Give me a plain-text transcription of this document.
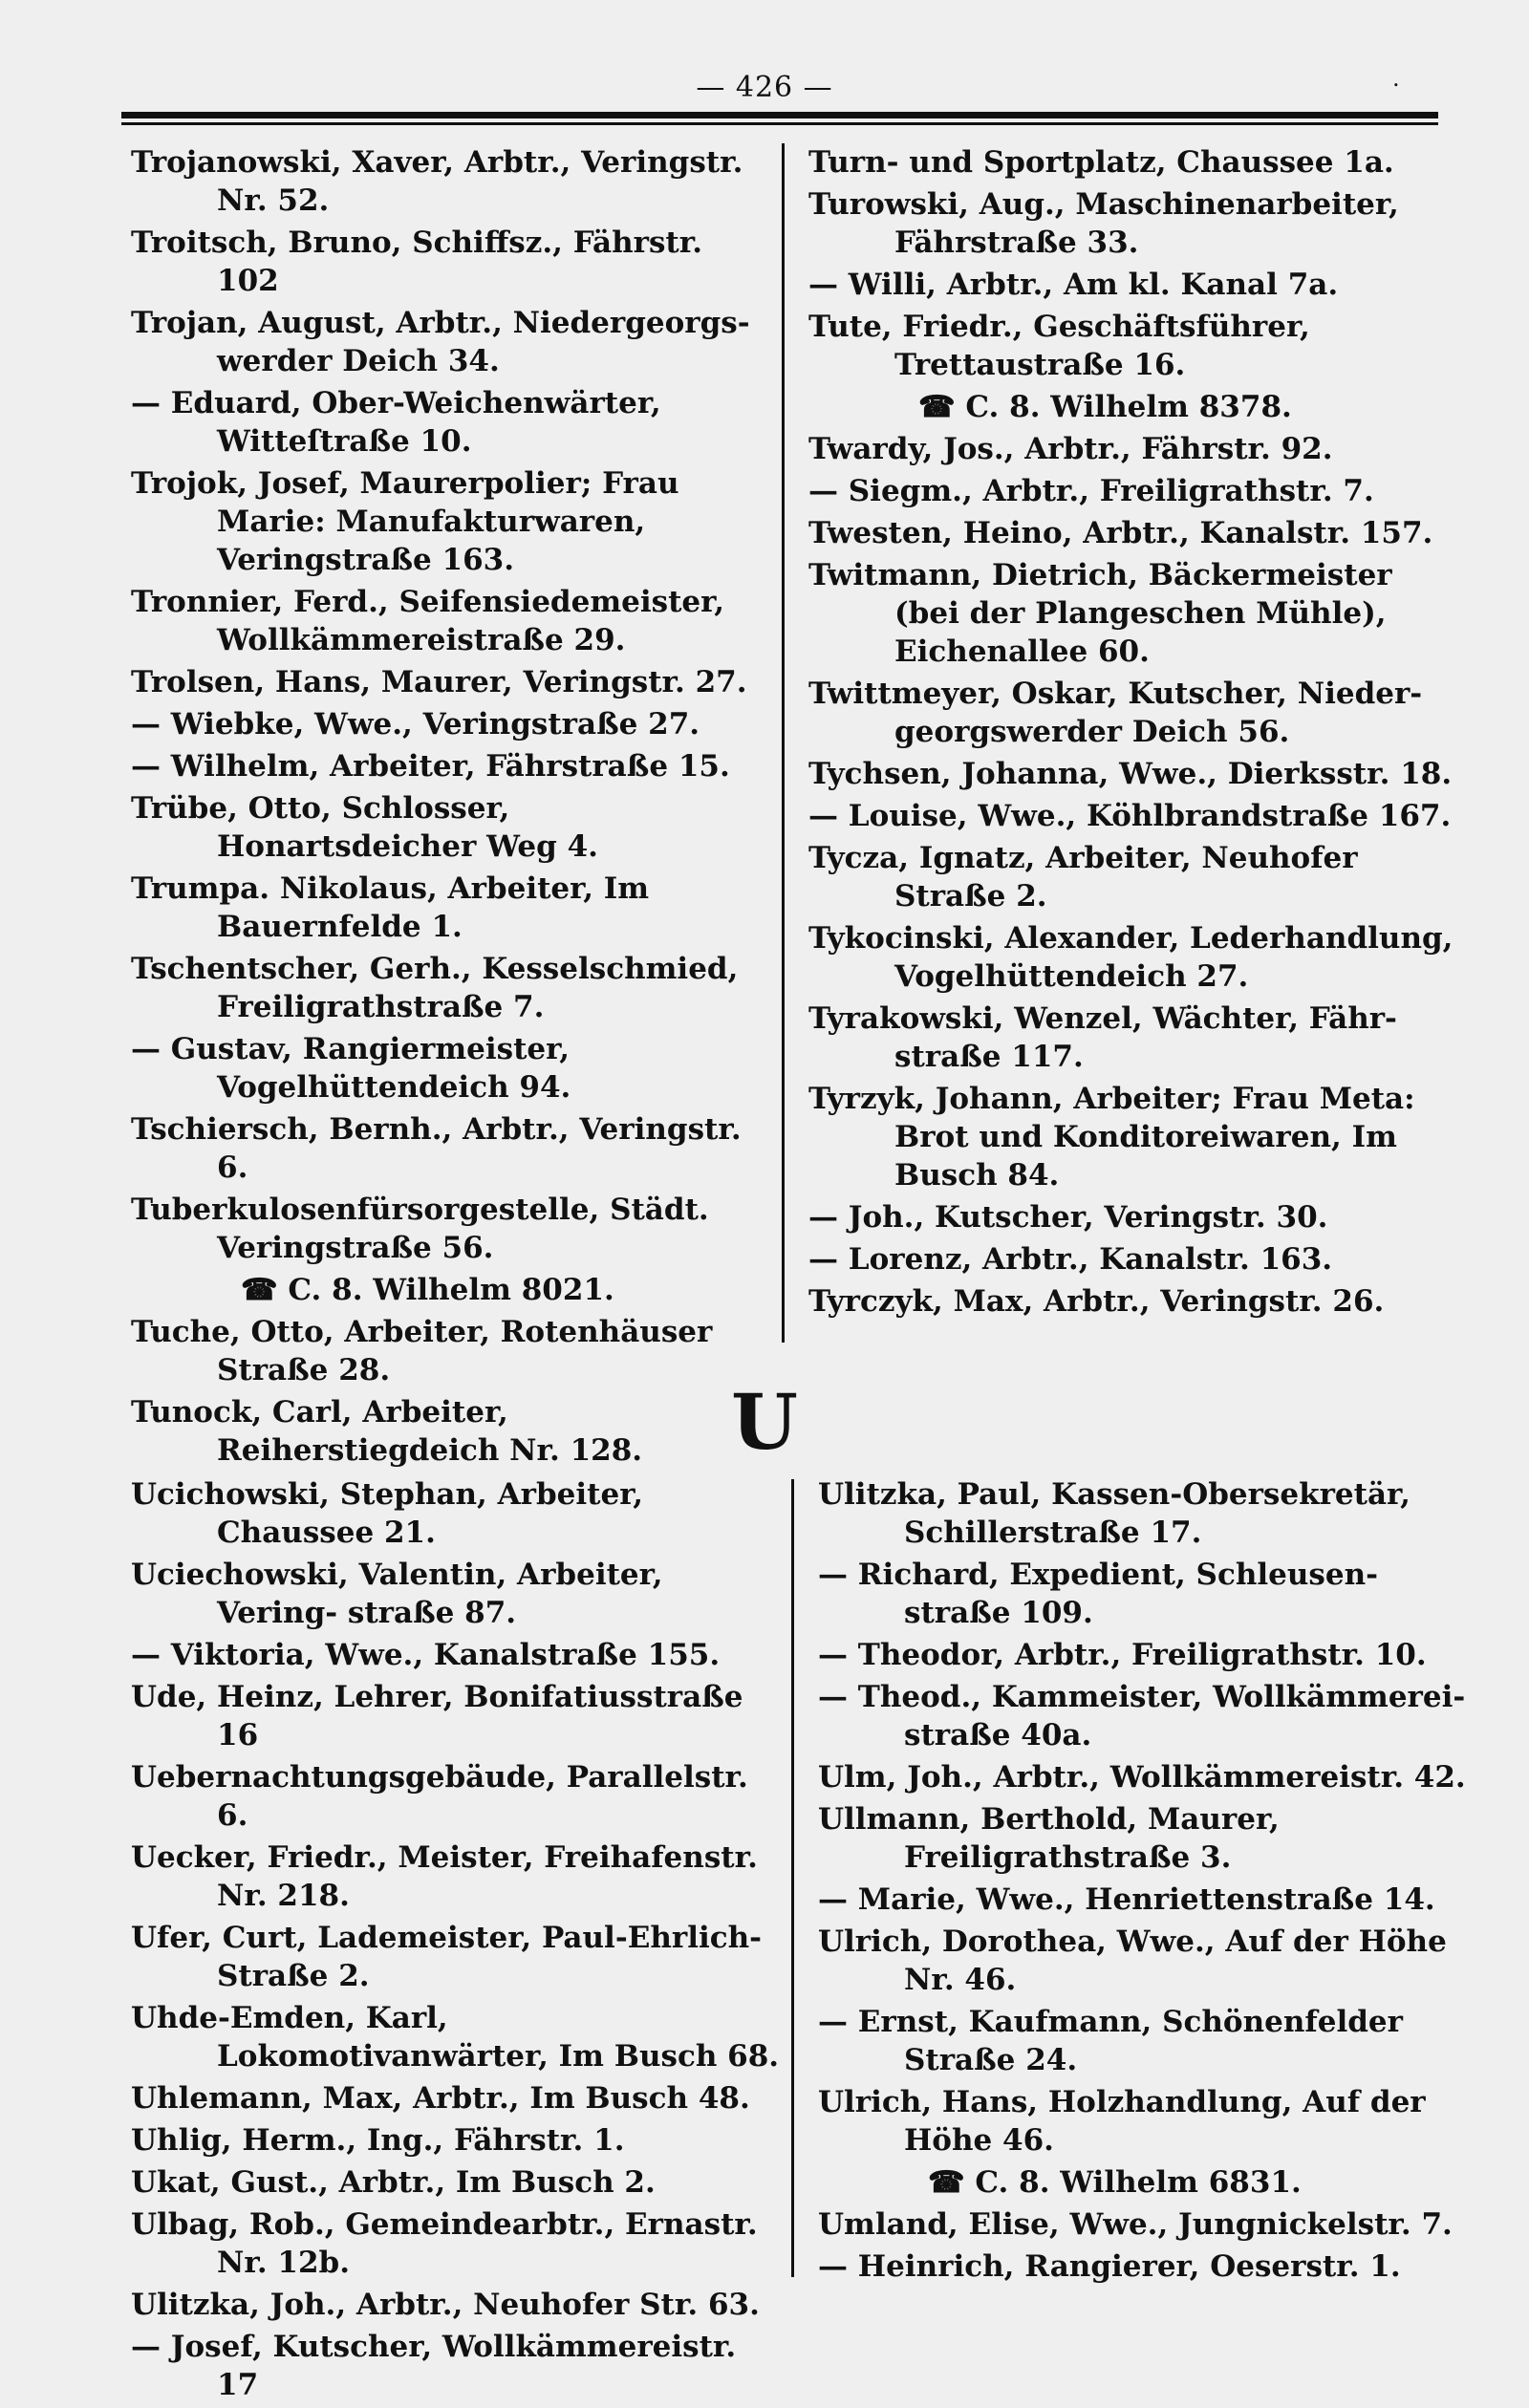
— 426 —	.
Trojanowski, Xaver, Arbtr., Veringstr. Nr. 52.
Troitsch, Bruno, Schiffsz., Fährstr. 102
Trojan, August, Arbtr., Niedergeorgs- werder Deich 34.
— Eduard, Ober-Weichenwärter, Witteſtraße 10.
Trojok, Josef, Maurerpolier; Frau Marie: Manufakturwaren, Veringstraße 163.
Tronnier, Ferd., Seifensiedemeister, Wollkämmereistraße 29.
Trolsen, Hans, Maurer, Veringstr. 27.
— Wiebke, Wwe., Veringstraße 27.
— Wilhelm, Arbeiter, Fährstraße 15.
Trübe, Otto, Schlosser, Honartsdeicher Weg 4.
Trumpa. Nikolaus, Arbeiter, Im Bauernfelde 1.
Tschentscher, Gerh., Kesselschmied, Freiligrathstraße 7.
— Gustav, Rangiermeister, Vogelhüttendeich 94.
Tschiersch, Bernh., Arbtr., Veringstr. 6.
Tuberkulosenfürsorgestelle, Städt. Veringstraße 56.
☎ C. 8. Wilhelm 8021.
Tuche, Otto, Arbeiter, Rotenhäuser Straße 28.
Tunock, Carl, Arbeiter, Reiherstiegdeich Nr. 128.
Turn- und Sportplatz, Chaussee 1a.
Turowski, Aug., Maschinenarbeiter, Fährstraße 33.
— Willi, Arbtr., Am kl. Kanal 7a.
Tute, Friedr., Geschäftsführer, Trettaustraße 16.
☎ C. 8. Wilhelm 8378.
Twardy, Jos., Arbtr., Fährstr. 92.
— Siegm., Arbtr., Freiligrathstr. 7.
Twesten, Heino, Arbtr., Kanalstr. 157.
Twitmann, Dietrich, Bäckermeister (bei der Plangeschen Mühle), Eichenallee 60.
Twittmeyer, Oskar, Kutscher, Nieder- georgswerder Deich 56.
Tychsen, Johanna, Wwe., Dierksstr. 18.
— Louise, Wwe., Köhlbrandstraße 167.
Tycza, Ignatz, Arbeiter, Neuhofer Straße 2.
Tykocinski, Alexander, Lederhandlung, Vogelhüttendeich 27.
Tyrakowski, Wenzel, Wächter, Fähr- straße 117.
Tyrzyk, Johann, Arbeiter; Frau Meta: Brot und Konditoreiwaren, Im Busch 84.
— Joh., Kutscher, Veringstr. 30.
— Lorenz, Arbtr., Kanalstr. 163.
Tyrczyk, Max, Arbtr., Veringstr. 26.
U
Ucichowski, Stephan, Arbeiter, Chaussee 21.
Uciechowski, Valentin, Arbeiter, Vering- straße 87.
— Viktoria, Wwe., Kanalstraße 155.
Ude, Heinz, Lehrer, Bonifatiusstraße 16
Uebernachtungsgebäude, Parallelstr. 6.
Uecker, Friedr., Meister, Freihafenstr. Nr. 218.
Ufer, Curt, Lademeister, Paul-Ehrlich- Straße 2.
Uhde-Emden, Karl, Lokomotivanwärter, Im Busch 68.
Uhlemann, Max, Arbtr., Im Busch 48.
Uhlig, Herm., Ing., Fährstr. 1.
Ukat, Gust., Arbtr., Im Busch 2.
Ulbag, Rob., Gemeindearbtr., Ernastr. Nr. 12b.
Ulitzka, Joh., Arbtr., Neuhofer Str. 63.
— Josef, Kutscher, Wollkämmereistr. 17
Ulitzka, Paul, Kassen-Obersekretär, Schillerstraße 17.
— Richard, Expedient, Schleusen- straße 109.
— Theodor, Arbtr., Freiligrathstr. 10.
— Theod., Kammeister, Wollkämmerei- straße 40a.
Ulm, Joh., Arbtr., Wollkämmereistr. 42.
Ullmann, Berthold, Maurer, Freiligrathstraße 3.
— Marie, Wwe., Henriettenstraße 14.
Ulrich, Dorothea, Wwe., Auf der Höhe Nr. 46.
— Ernst, Kaufmann, Schönenfelder Straße 24.
Ulrich, Hans, Holzhandlung, Auf der Höhe 46.
☎ C. 8. Wilhelm 6831.
Umland, Elise, Wwe., Jungnickelstr. 7.
— Heinrich, Rangierer, Oeserstr. 1.
